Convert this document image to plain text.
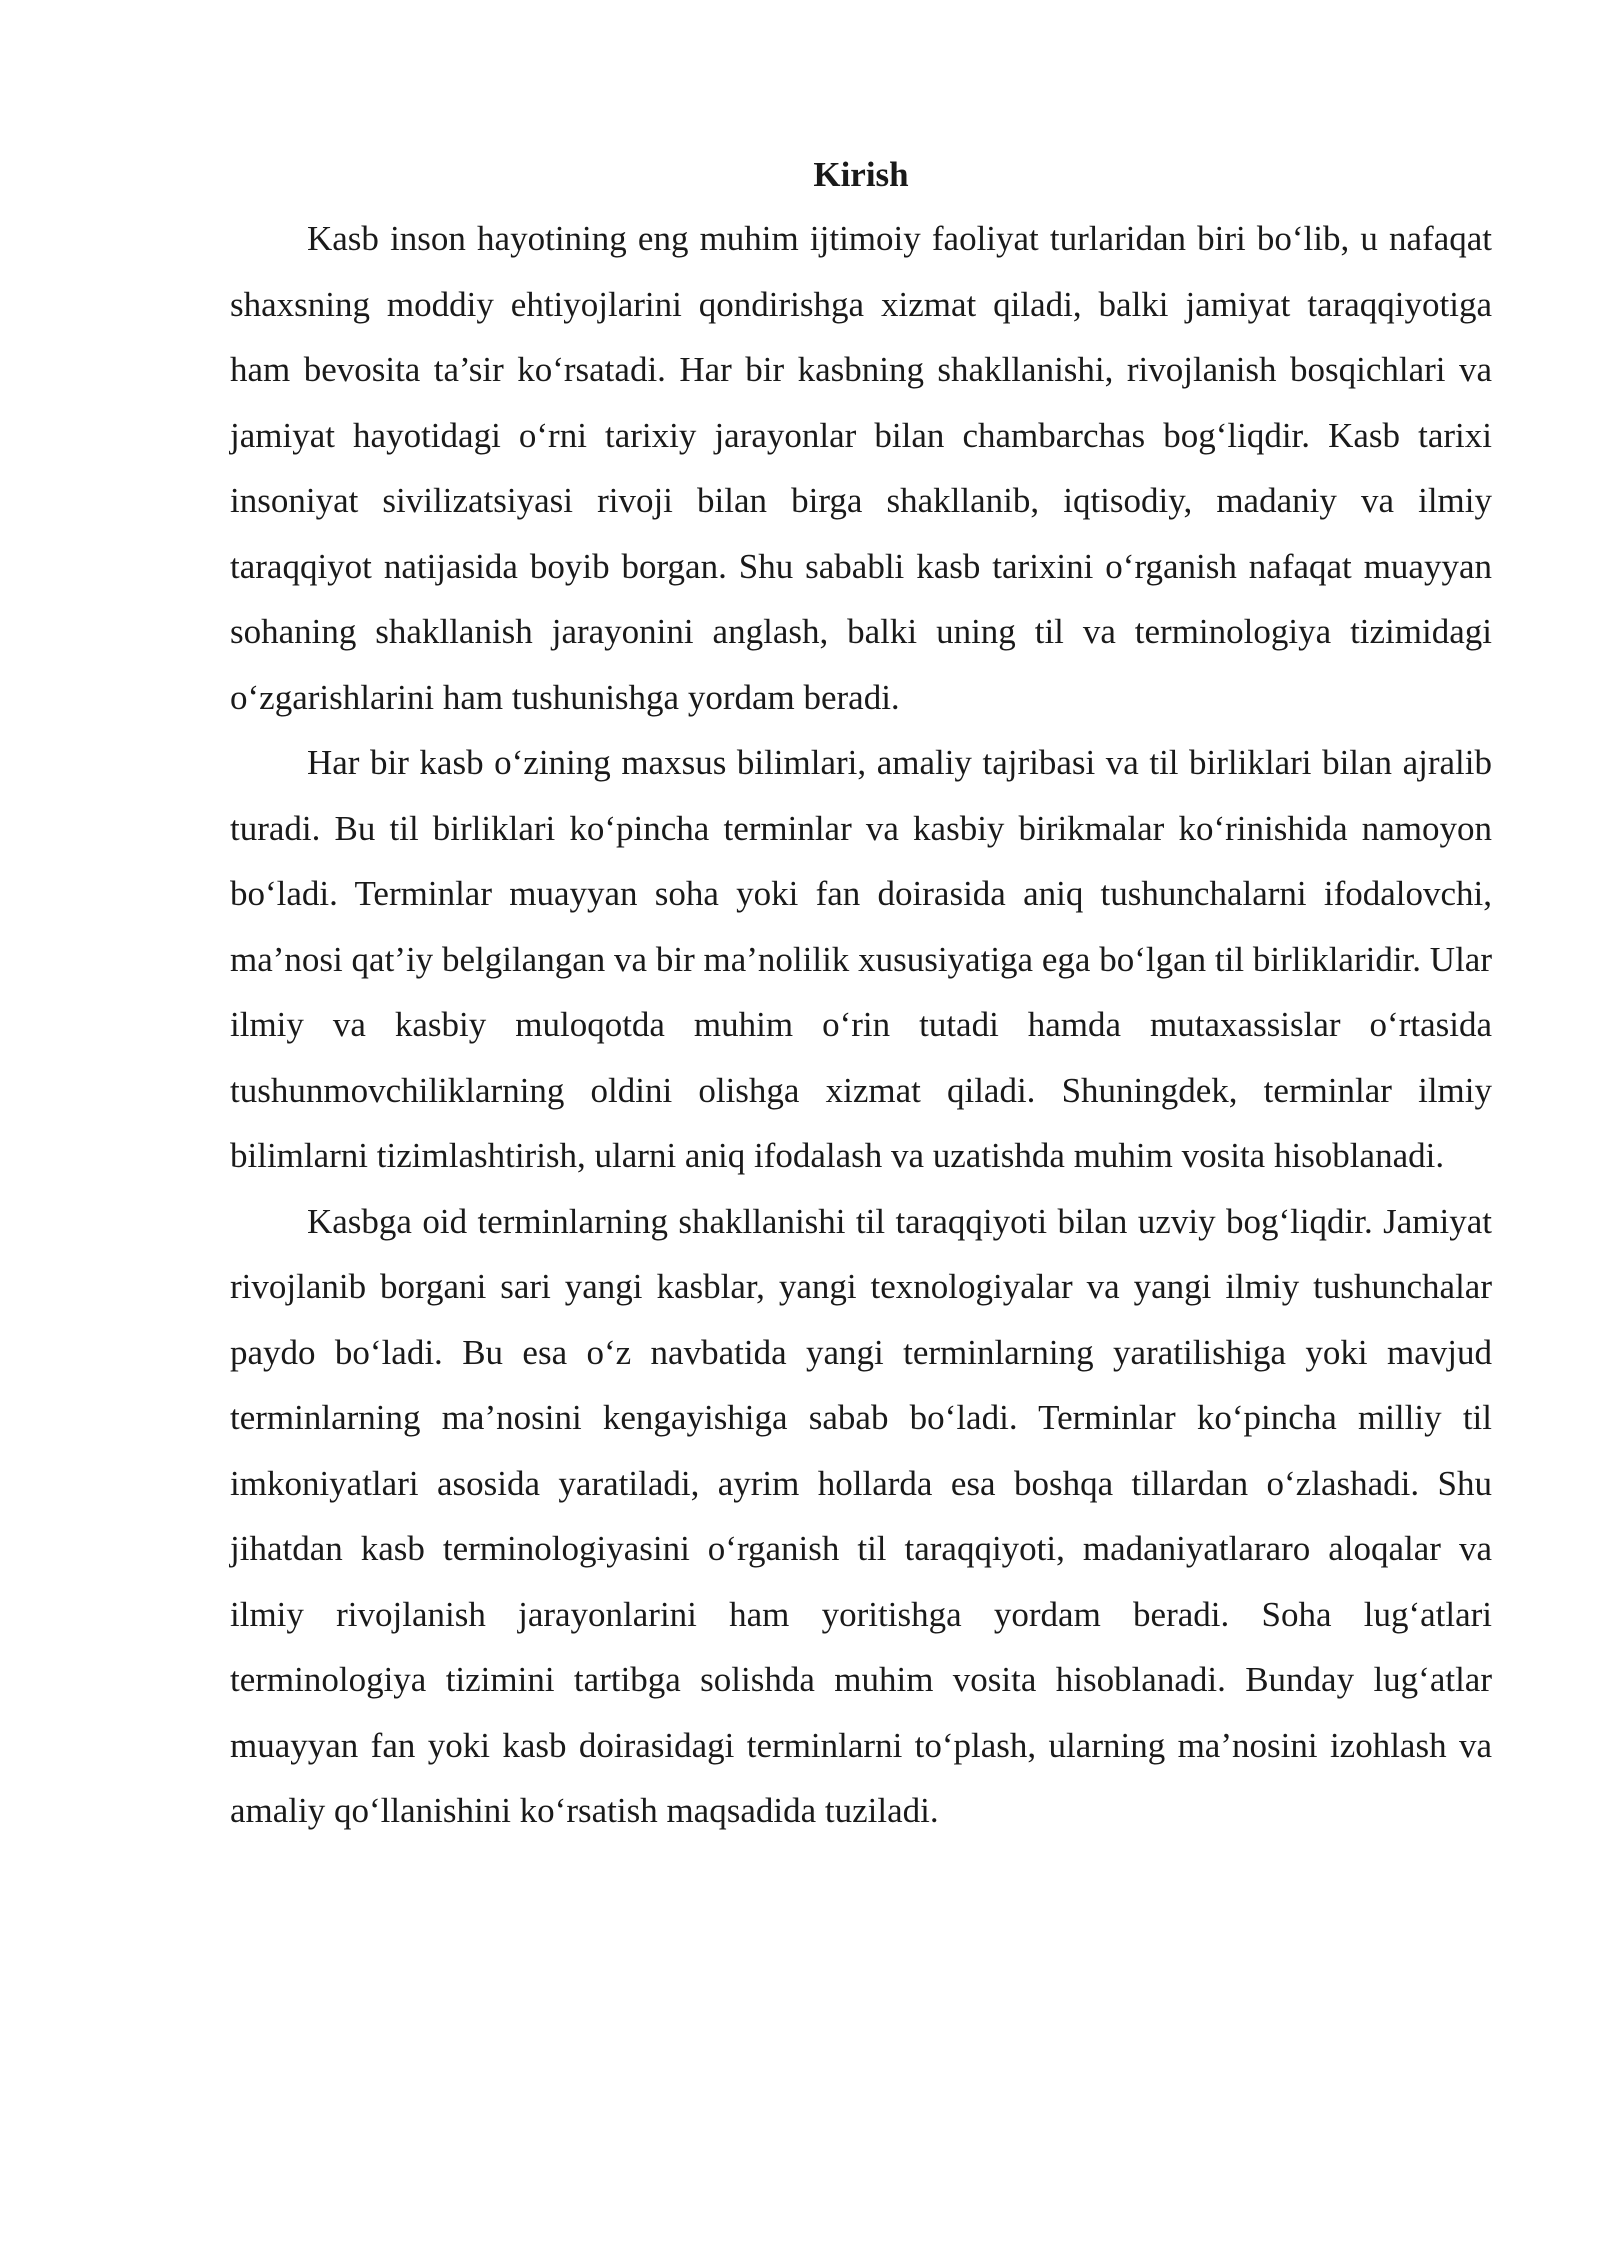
Kirish

Kasb inson hayotining eng muhim ijtimoiy faoliyat turlaridan biri bo‘lib, u nafaqat shaxsning moddiy ehtiyojlarini qondirishga xizmat qiladi, balki jamiyat taraqqiyotiga ham bevosita ta’sir ko‘rsatadi. Har bir kasbning shakllanishi, rivojlanish bosqichlari va jamiyat hayotidagi o‘rni tarixiy jarayonlar bilan chambarchas bog‘liqdir. Kasb tarixi insoniyat sivilizatsiyasi rivoji bilan birga shakllanib, iqtisodiy, madaniy va ilmiy taraqqiyot natijasida boyib borgan. Shu sababli kasb tarixini o‘rganish nafaqat muayyan sohaning shakllanish jarayonini anglash, balki uning til va terminologiya tizimidagi o‘zgarishlarini ham tushunishga yordam beradi.

Har bir kasb o‘zining maxsus bilimlari, amaliy tajribasi va til birliklari bilan ajralib turadi. Bu til birliklari ko‘pincha terminlar va kasbiy birikmalar ko‘rinishida namoyon bo‘ladi. Terminlar muayyan soha yoki fan doirasida aniq tushunchalarni ifodalovchi, ma’nosi qat’iy belgilangan va bir ma’nolilik xususiyatiga ega bo‘lgan til birliklaridir. Ular ilmiy va kasbiy muloqotda muhim o‘rin tutadi hamda mutaxassislar o‘rtasida tushunmovchiliklarning oldini olishga xizmat qiladi. Shuningdek, terminlar ilmiy bilimlarni tizimlashtirish, ularni aniq ifodalash va uzatishda muhim vosita hisoblanadi.

Kasbga oid terminlarning shakllanishi til taraqqiyoti bilan uzviy bog‘liqdir. Jamiyat rivojlanib borgani sari yangi kasblar, yangi texnologiyalar va yangi ilmiy tushunchalar paydo bo‘ladi. Bu esa o‘z navbatida yangi terminlarning yaratilishiga yoki mavjud terminlarning ma’nosini kengayishiga sabab bo‘ladi. Terminlar ko‘pincha milliy til imkoniyatlari asosida yaratiladi, ayrim hollarda esa boshqa tillardan o‘zlashadi. Shu jihatdan kasb terminologiyasini o‘rganish til taraqqiyoti, madaniyatlararo aloqalar va ilmiy rivojlanish jarayonlarini ham yoritishga yordam beradi. Soha lug‘atlari terminologiya tizimini tartibga solishda muhim vosita hisoblanadi. Bunday lug‘atlar muayyan fan yoki kasb doirasidagi terminlarni to‘plash, ularning ma’nosini izohlash va amaliy qo‘llanishini ko‘rsatish maqsadida tuziladi.
